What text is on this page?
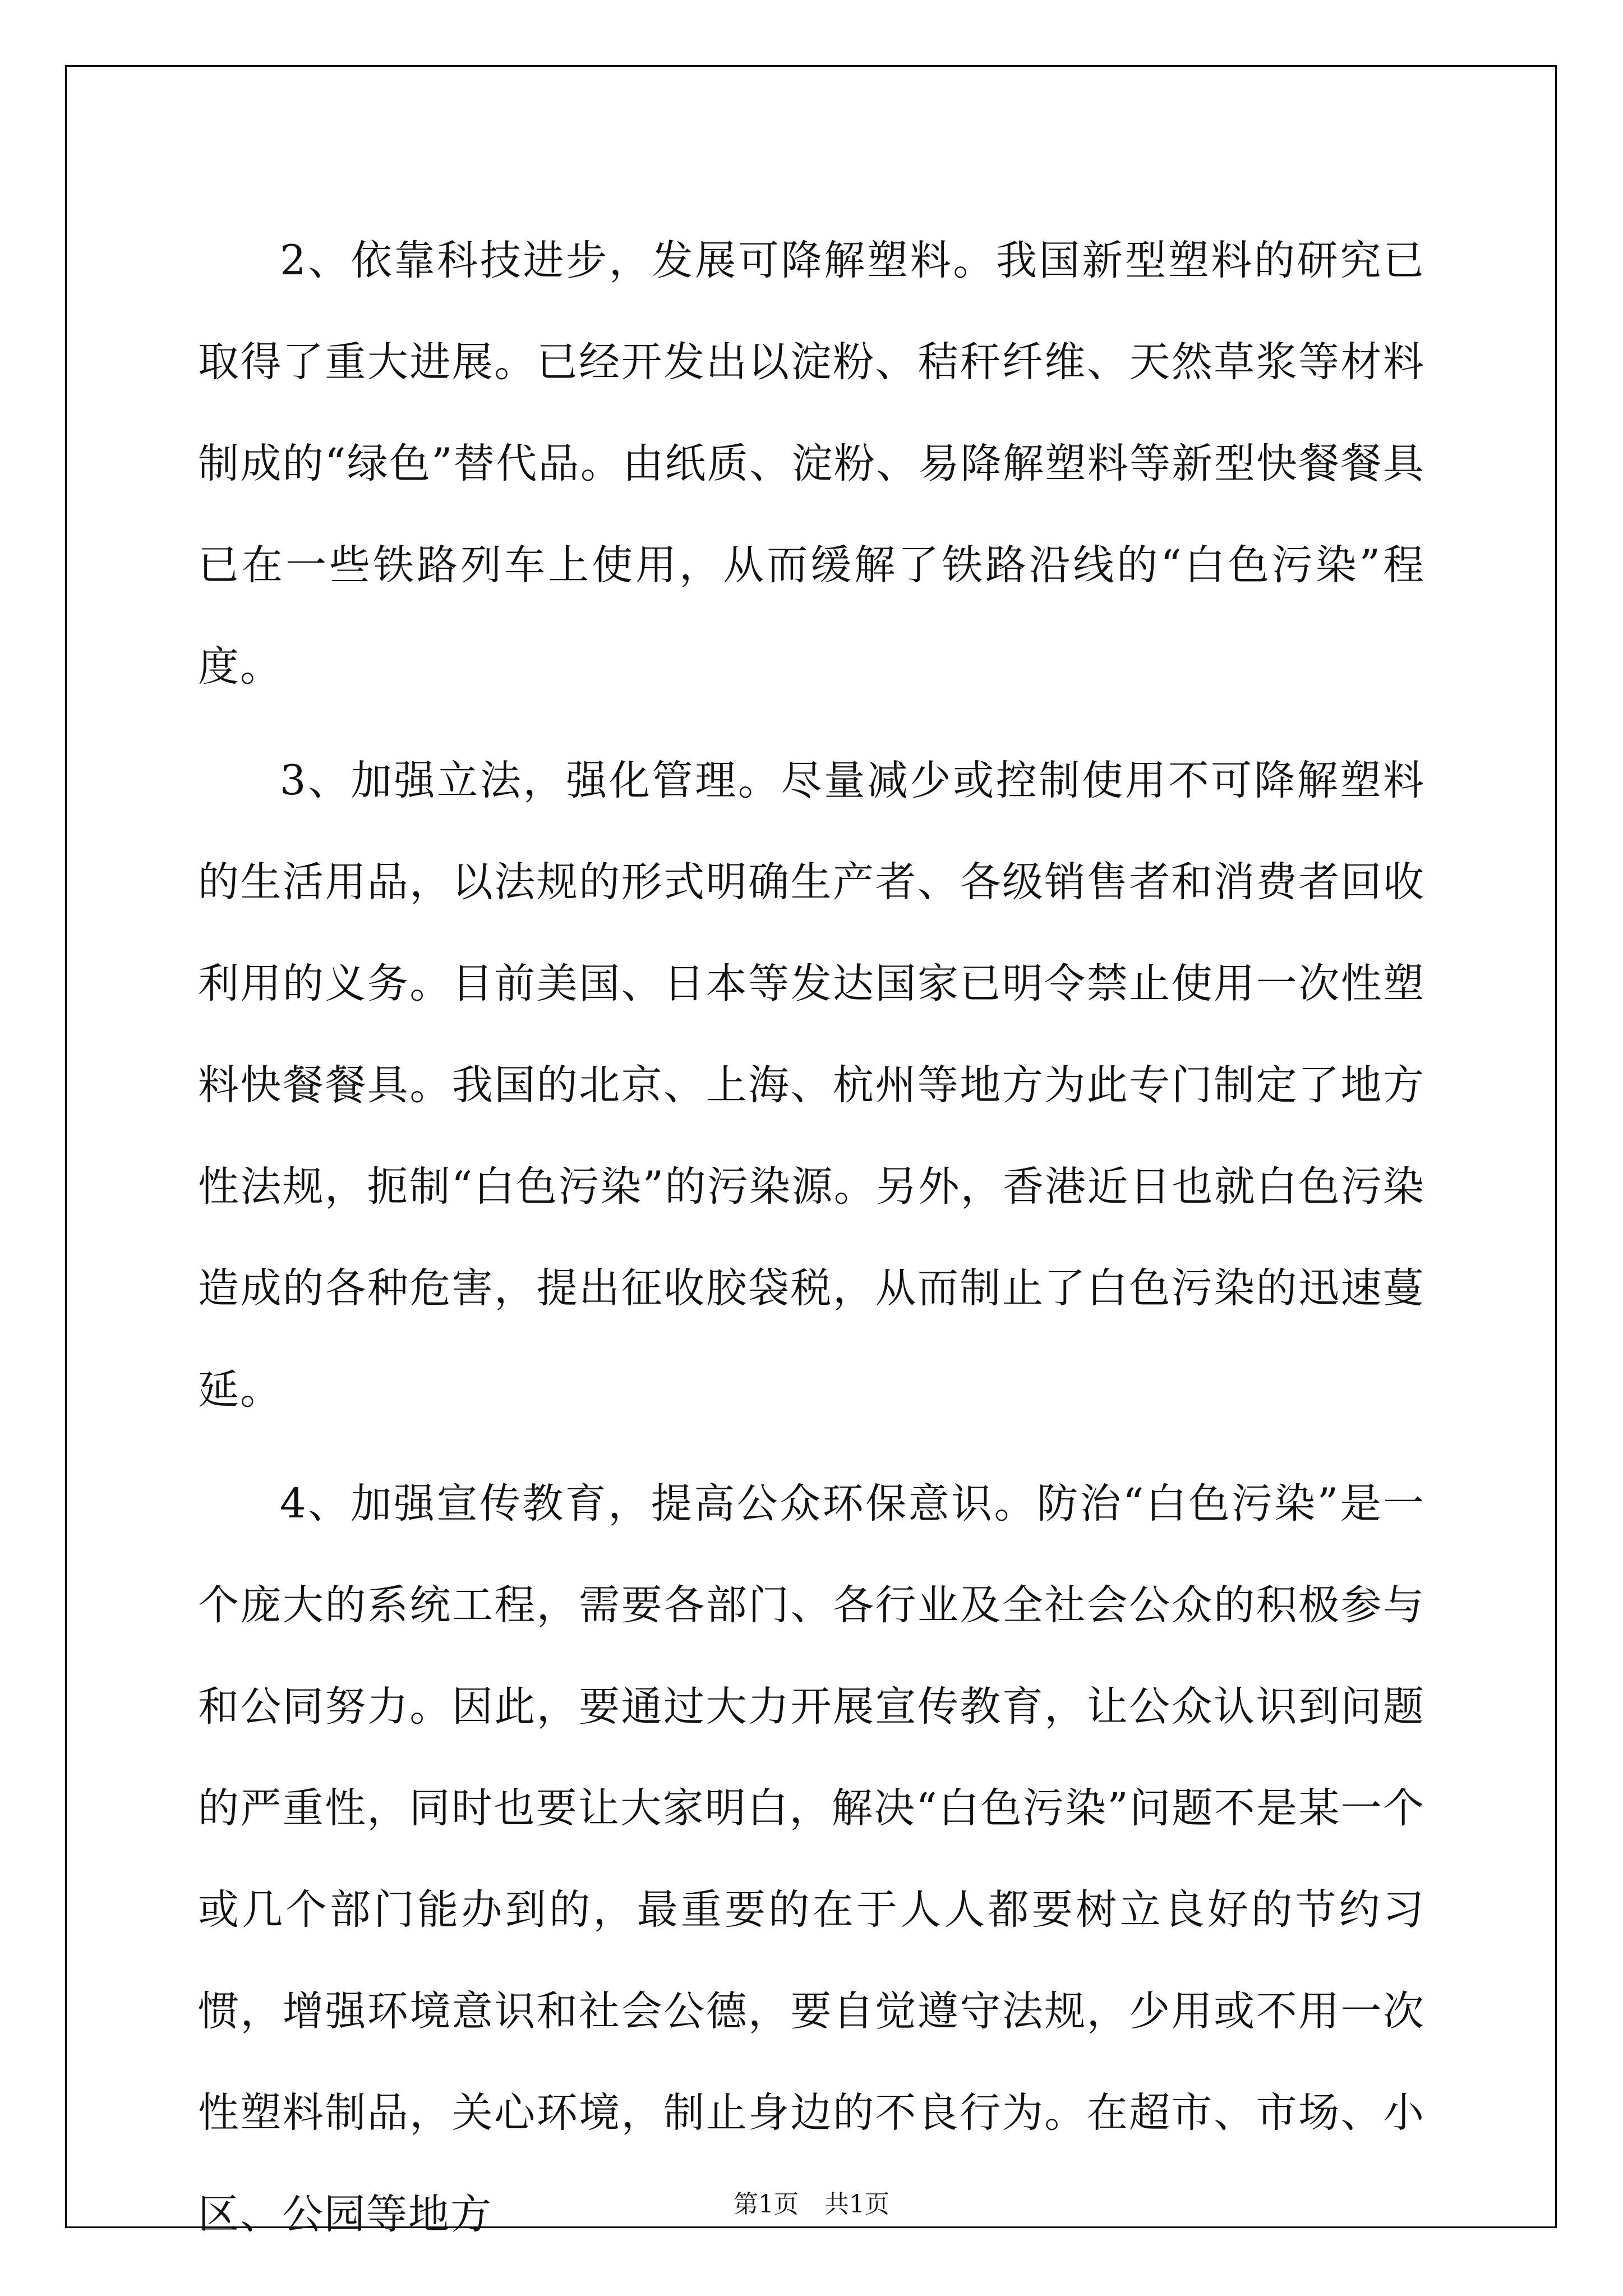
2、依靠科技进步，发展可降解塑料。我国新型塑料的研究已取得了重大进展。已经开发出以淀粉、秸秆纤维、天然草浆等材料制成的“绿色”替代品。由纸质、淀粉、易降解塑料等新型快餐餐具已在一些铁路列车上使用，从而缓解了铁路沿线的“白色污染”程度。

3、加强立法，强化管理。尽量减少或控制使用不可降解塑料的生活用品，以法规的形式明确生产者、各级销售者和消费者回收利用的义务。目前美国、日本等发达国家已明令禁止使用一次性塑料快餐餐具。我国的北京、上海、杭州等地方为此专门制定了地方性法规，扼制“白色污染”的污染源。另外，香港近日也就白色污染造成的各种危害，提出征收胶袋税，从而制止了白色污染的迅速蔓延。

4、加强宣传教育，提高公众环保意识。防治“白色污染”是一个庞大的系统工程，需要各部门、各行业及全社会公众的积极参与和公同努力。因此，要通过大力开展宣传教育，让公众认识到问题的严重性，同时也要让大家明白，解决“白色污染”问题不是某一个或几个部门能办到的，最重要的在于人人都要树立良好的节约习惯，增强环境意识和社会公德，要自觉遵守法规，少用或不用一次性塑料制品，关心环境，制止身边的不良行为。在超市、市场、小区、公园等地方	第1页 共1页
